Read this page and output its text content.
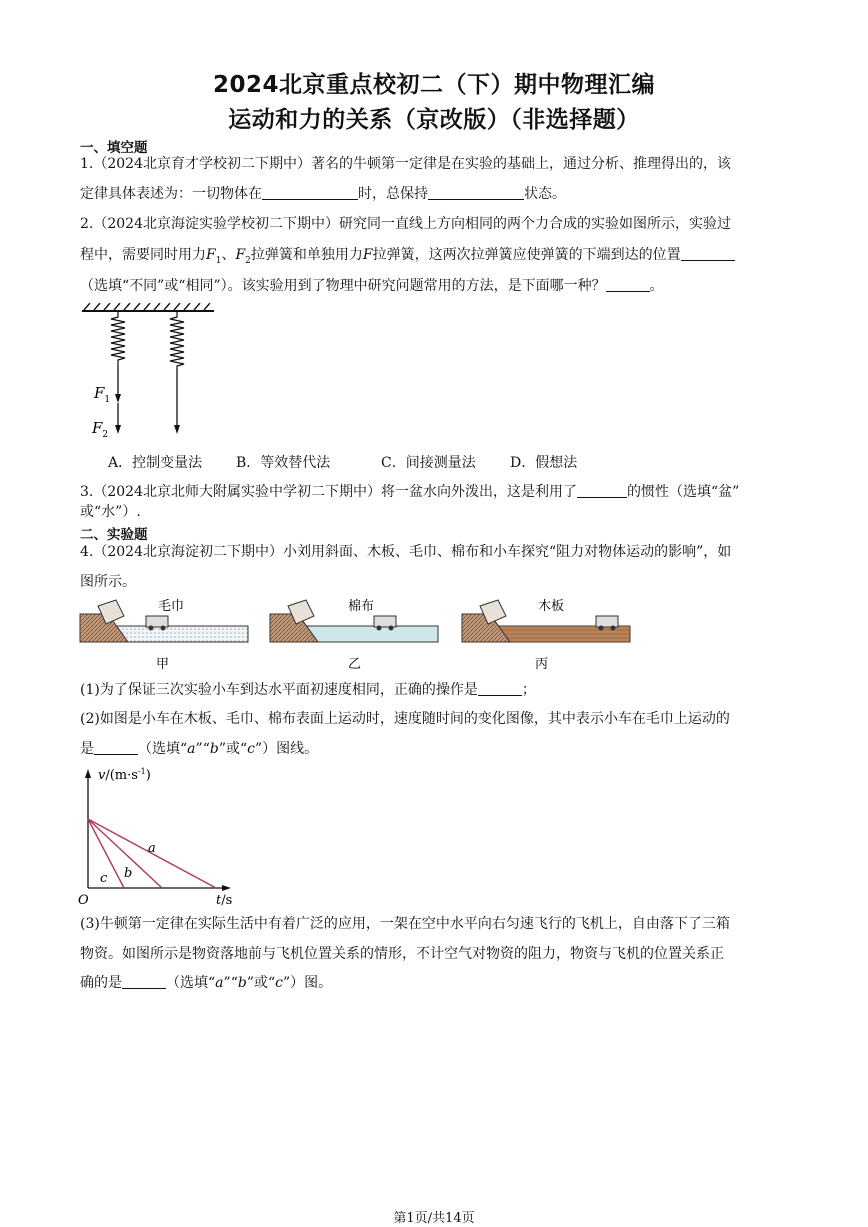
2024北京重点校初二（下）期中物理汇编
运动和力的关系（京改版）（非选择题）
一、填空题
1.（2024北京育才学校初二下期中）著名的牛顿第一定律是在实验的基础上，通过分析、推理得出的，该
定律具体表述为：一切物体在	时，总保持	状态。
2.（2024北京海淀实验学校初二下期中）研究同一直线上方向相同的两个力合成的实验如图所示，实验过
程中，需要同时用力$F_1$、$F_2$拉弹簧和单独用力F拉弹簧，这两次拉弹簧应使弹簧的下端到达的位置
（选填“不同”或“相同”）。该实验用到了物理中研究问题常用的方法，是下面哪一种？	。
$F_1$
$F_2$
A．控制变量法 B．等效替代法	C．间接测量法 D．假想法
3.（2024北京北师大附属实验中学初二下期中）将一盆水向外泼出，这是利用了	的惯性（选填“盆”
或“水”）.
二、实验题
4.（2024北京海淀初二下期中）小刘用斜面、木板、毛巾、棉布和小车探究“阻力对物体运动的影响”，如
图所示。
毛巾
甲
棉布
乙
木板
丙
(1)为了保证三次实验小车到达水平面初速度相同，正确的操作是	；
(2)如图是小车在木板、毛巾、棉布表面上运动时，速度随时间的变化图像，其中表示小车在毛巾上运动的
是	（选填“a”“b”或“c”）图线。
$v/(m\cdot s^{-1})$
t/s
O
a
b
c
(3)牛顿第一定律在实际生活中有着广泛的应用，一架在空中水平向右匀速飞行的飞机上，自由落下了三箱
物资。如图所示是物资落地前与飞机位置关系的情形，不计空气对物资的阻力，物资与飞机的位置关系正
确的是	（选填“a”“b”或“c”）图。
第1页/共14页
